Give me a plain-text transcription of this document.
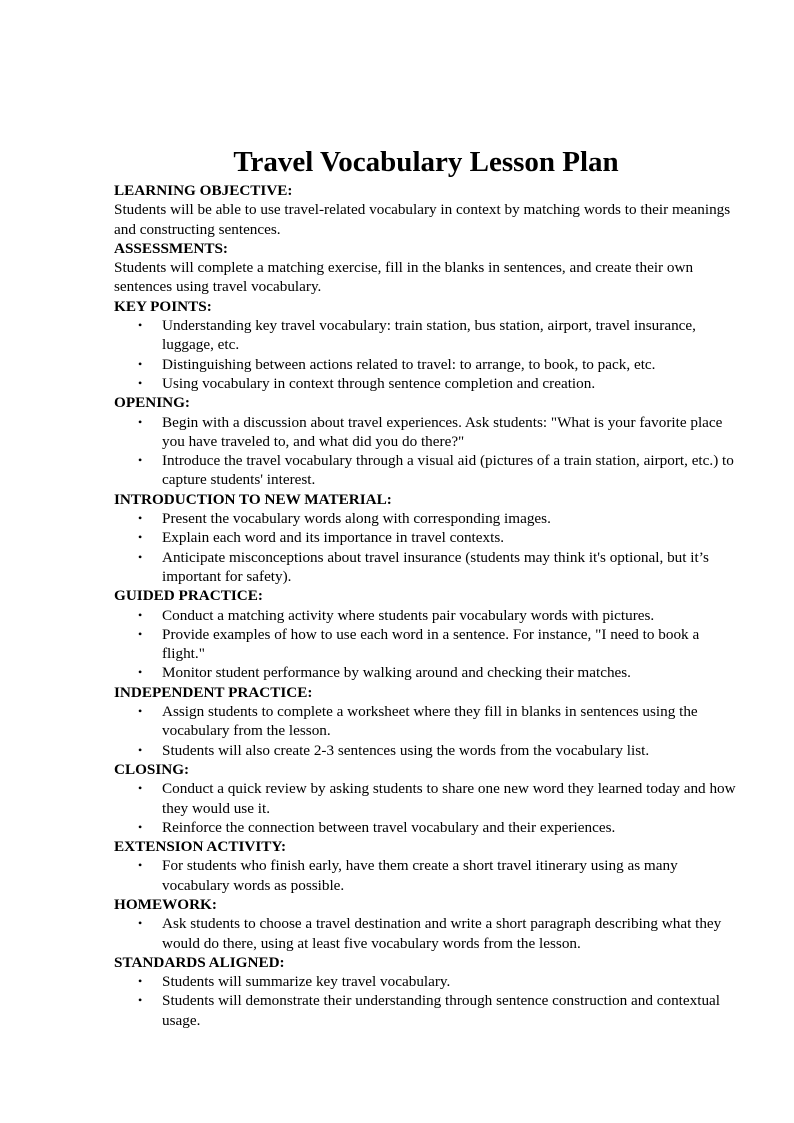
Travel Vocabulary Lesson Plan
LEARNING OBJECTIVE:
Students will be able to use travel-related vocabulary in context by matching words to their meanings and constructing sentences.
ASSESSMENTS:
Students will complete a matching exercise, fill in the blanks in sentences, and create their own sentences using travel vocabulary.
KEY POINTS:
• Understanding key travel vocabulary: train station, bus station, airport, travel insurance, luggage, etc.
• Distinguishing between actions related to travel: to arrange, to book, to pack, etc.
• Using vocabulary in context through sentence completion and creation.
OPENING:
• Begin with a discussion about travel experiences. Ask students: "What is your favorite place you have traveled to, and what did you do there?"
• Introduce the travel vocabulary through a visual aid (pictures of a train station, airport, etc.) to capture students' interest.
INTRODUCTION TO NEW MATERIAL:
• Present the vocabulary words along with corresponding images.
• Explain each word and its importance in travel contexts.
• Anticipate misconceptions about travel insurance (students may think it's optional, but it’s important for safety).
GUIDED PRACTICE:
• Conduct a matching activity where students pair vocabulary words with pictures.
• Provide examples of how to use each word in a sentence. For instance, "I need to book a flight."
• Monitor student performance by walking around and checking their matches.
INDEPENDENT PRACTICE:
• Assign students to complete a worksheet where they fill in blanks in sentences using the vocabulary from the lesson.
• Students will also create 2-3 sentences using the words from the vocabulary list.
CLOSING:
• Conduct a quick review by asking students to share one new word they learned today and how they would use it.
• Reinforce the connection between travel vocabulary and their experiences.
EXTENSION ACTIVITY:
• For students who finish early, have them create a short travel itinerary using as many vocabulary words as possible.
HOMEWORK:
• Ask students to choose a travel destination and write a short paragraph describing what they would do there, using at least five vocabulary words from the lesson.
STANDARDS ALIGNED:
• Students will summarize key travel vocabulary.
• Students will demonstrate their understanding through sentence construction and contextual usage.
